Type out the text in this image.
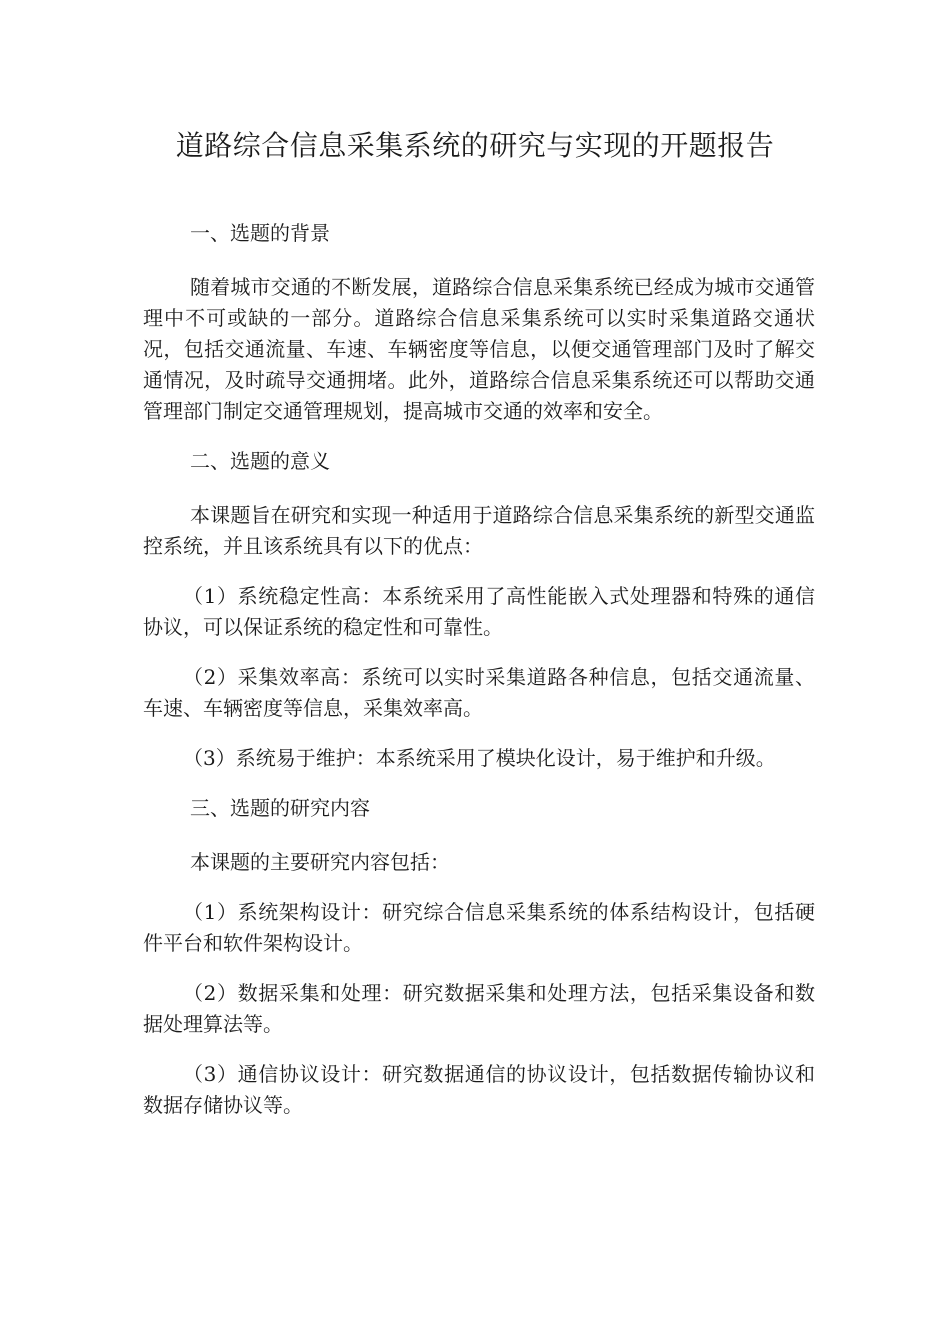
道路综合信息采集系统的研究与实现的开题报告

一、选题的背景

随着城市交通的不断发展，道路综合信息采集系统已经成为城市交通管理中不可或缺的一部分。道路综合信息采集系统可以实时采集道路交通状况，包括交通流量、车速、车辆密度等信息，以便交通管理部门及时了解交通情况，及时疏导交通拥堵。此外，道路综合信息采集系统还可以帮助交通管理部门制定交通管理规划，提高城市交通的效率和安全。

二、选题的意义

本课题旨在研究和实现一种适用于道路综合信息采集系统的新型交通监控系统，并且该系统具有以下的优点：

（1）系统稳定性高：本系统采用了高性能嵌入式处理器和特殊的通信协议，可以保证系统的稳定性和可靠性。

（2）采集效率高：系统可以实时采集道路各种信息，包括交通流量、车速、车辆密度等信息，采集效率高。

（3）系统易于维护：本系统采用了模块化设计，易于维护和升级。

三、选题的研究内容

本课题的主要研究内容包括：

（1）系统架构设计：研究综合信息采集系统的体系结构设计，包括硬件平台和软件架构设计。

（2）数据采集和处理：研究数据采集和处理方法，包括采集设备和数据处理算法等。

（3）通信协议设计：研究数据通信的协议设计，包括数据传输协议和数据存储协议等。
